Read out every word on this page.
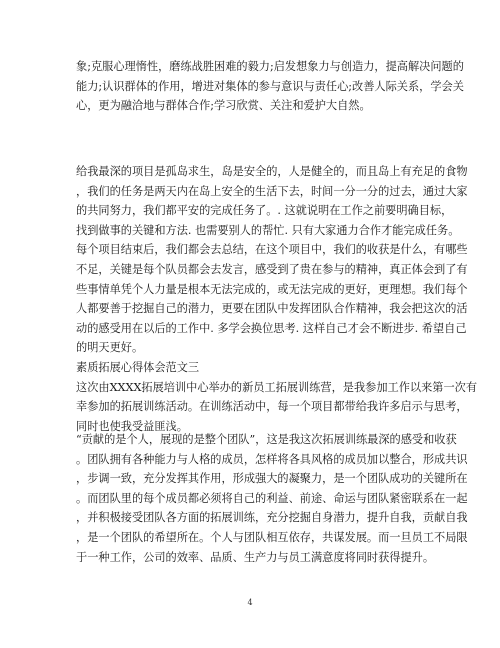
象;克服心理惰性，磨练战胜困难的毅力;启发想象力与创造力，提高解决问题的
能力;认识群体的作用，增进对集体的参与意识与责任心;改善人际关系，学会关
心，更为融洽地与群体合作;学习欣赏、关注和爱护大自然。
给我最深的项目是孤岛求生，岛是安全的，人是健全的，而且岛上有充足的食物
，我们的任务是两天内在岛上安全的生活下去，时间一分一分的过去，通过大家
的共同努力，我们都平安的完成任务了。. 这就说明在工作之前要明确目标，
找到做事的关键和方法. 也需要别人的帮忙. 只有大家通力合作才能完成任务。
每个项目结束后，我们都会去总结，在这个项目中，我们的收获是什么，有哪些
不足，关键是每个队员都会去发言，感受到了贵在参与的精神，真正体会到了有
些事情单凭个人力量是根本无法完成的，或无法完成的更好，更理想。我们每个
人都要善于挖掘自己的潜力，更要在团队中发挥团队合作精神，我会把这次的活
动的感受用在以后的工作中. 多学会换位思考. 这样自己才会不断进步. 希望自己
的明天更好。
素质拓展心得体会范文三
这次由XXXX拓展培训中心举办的新员工拓展训练营，是我参加工作以来第一次有
幸参加的拓展训练活动。在训练活动中，每一个项目都带给我许多启示与思考，
同时也使我受益匪浅。
“贡献的是个人，展现的是整个团队”，这是我这次拓展训练最深的感受和收获
。团队拥有各种能力与人格的成员，怎样将各具风格的成员加以整合，形成共识
，步调一致，充分发挥其作用，形成强大的凝聚力，是一个团队成功的关键所在
。而团队里的每个成员都必须将自己的利益、前途、命运与团队紧密联系在一起
，并积极接受团队各方面的拓展训练，充分挖掘自身潜力，提升自我，贡献自我
，是一个团队的希望所在。个人与团队相互依存，共谋发展。而一旦员工不局限
于一种工作，公司的效率、品质、生产力与员工满意度将同时获得提升。
4
